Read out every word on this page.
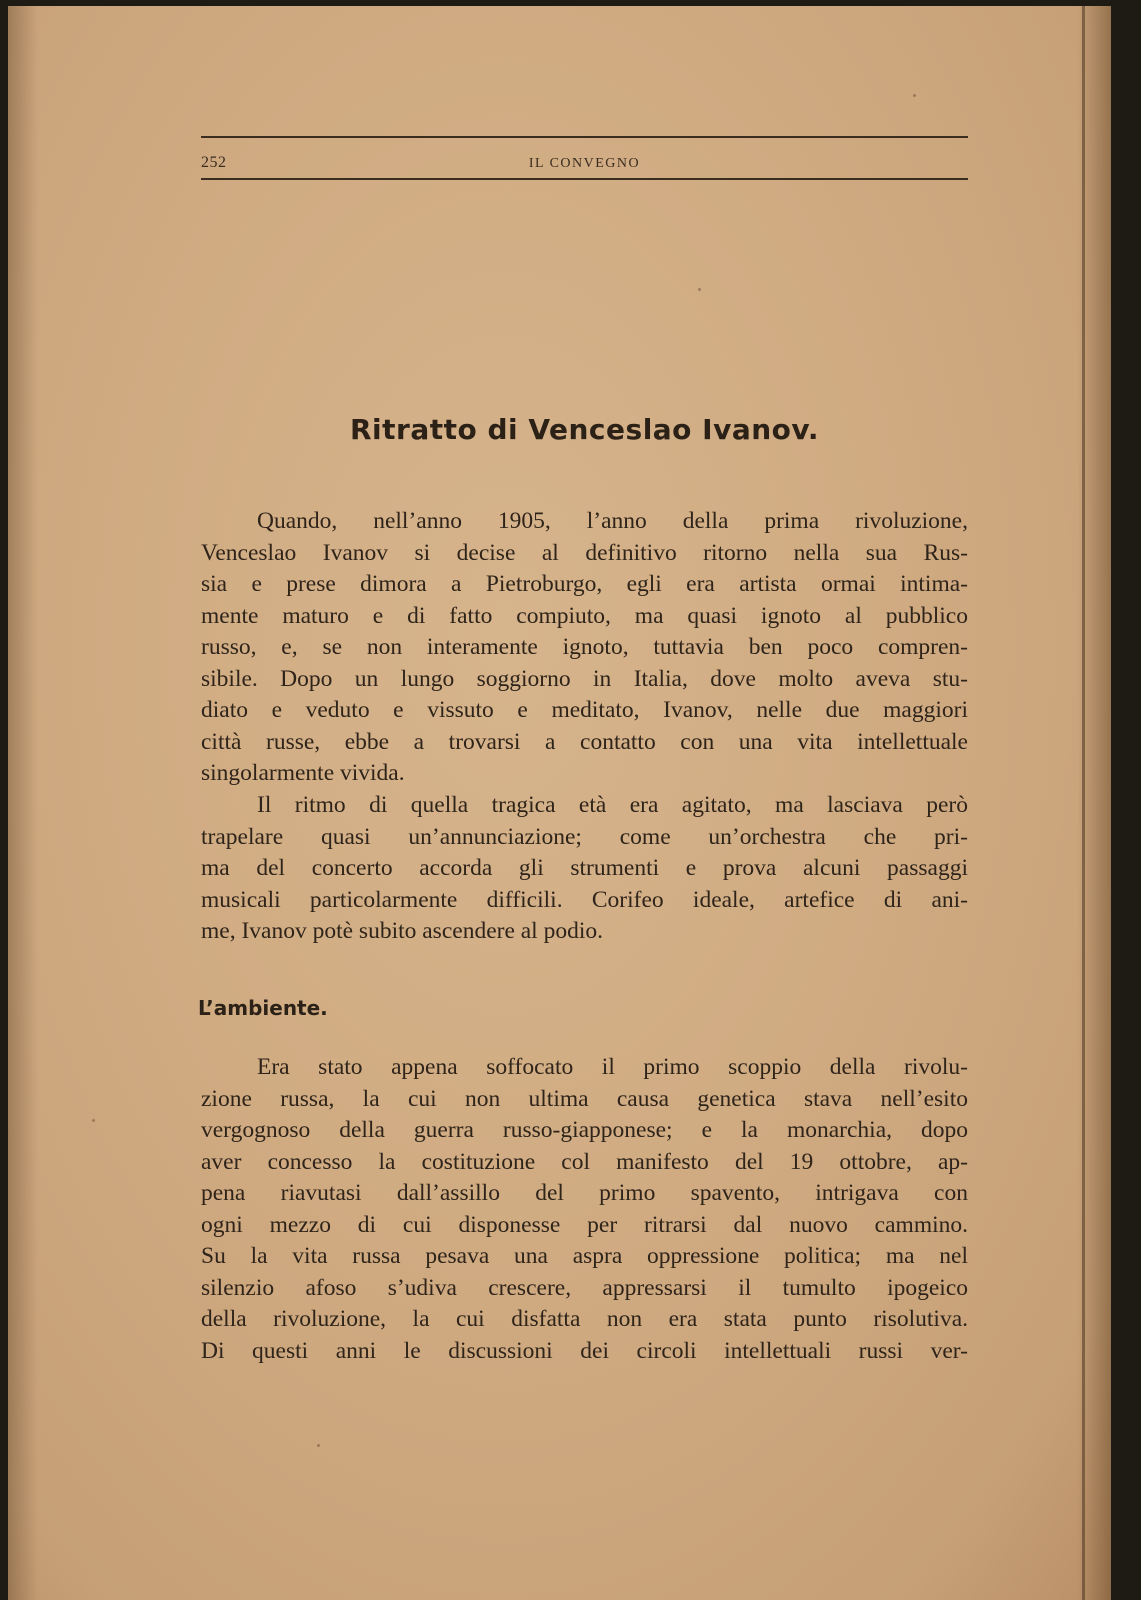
252	IL CONVEGNO
Ritratto di Venceslao Ivanov.
Quando, nell’anno 1905, l’anno della prima rivoluzione,
Venceslao Ivanov si decise al definitivo ritorno nella sua Rus-
sia e prese dimora a Pietroburgo, egli era artista ormai intima-
mente maturo e di fatto compiuto, ma quasi ignoto al pubblico
russo, e, se non interamente ignoto, tuttavia ben poco compren-
sibile. Dopo un lungo soggiorno in Italia, dove molto aveva stu-
diato e veduto e vissuto e meditato, Ivanov, nelle due maggiori
città russe, ebbe a trovarsi a contatto con una vita intellettuale
singolarmente vivida.
Il ritmo di quella tragica età era agitato, ma lasciava però
trapelare quasi un’annunciazione; come un’orchestra che pri-
ma del concerto accorda gli strumenti e prova alcuni passaggi
musicali particolarmente difficili. Corifeo ideale, artefice di ani-
me, Ivanov potè subito ascendere al podio.
L’ambiente.
Era stato appena soffocato il primo scoppio della rivolu-
zione russa, la cui non ultima causa genetica stava nell’esito
vergognoso della guerra russo-giapponese; e la monarchia, dopo
aver concesso la costituzione col manifesto del 19 ottobre, ap-
pena riavutasi dall’assillo del primo spavento, intrigava con
ogni mezzo di cui disponesse per ritrarsi dal nuovo cammino.
Su la vita russa pesava una aspra oppressione politica; ma nel
silenzio afoso s’udiva crescere, appressarsi il tumulto ipogeico
della rivoluzione, la cui disfatta non era stata punto risolutiva.
Di questi anni le discussioni dei circoli intellettuali russi ver-
